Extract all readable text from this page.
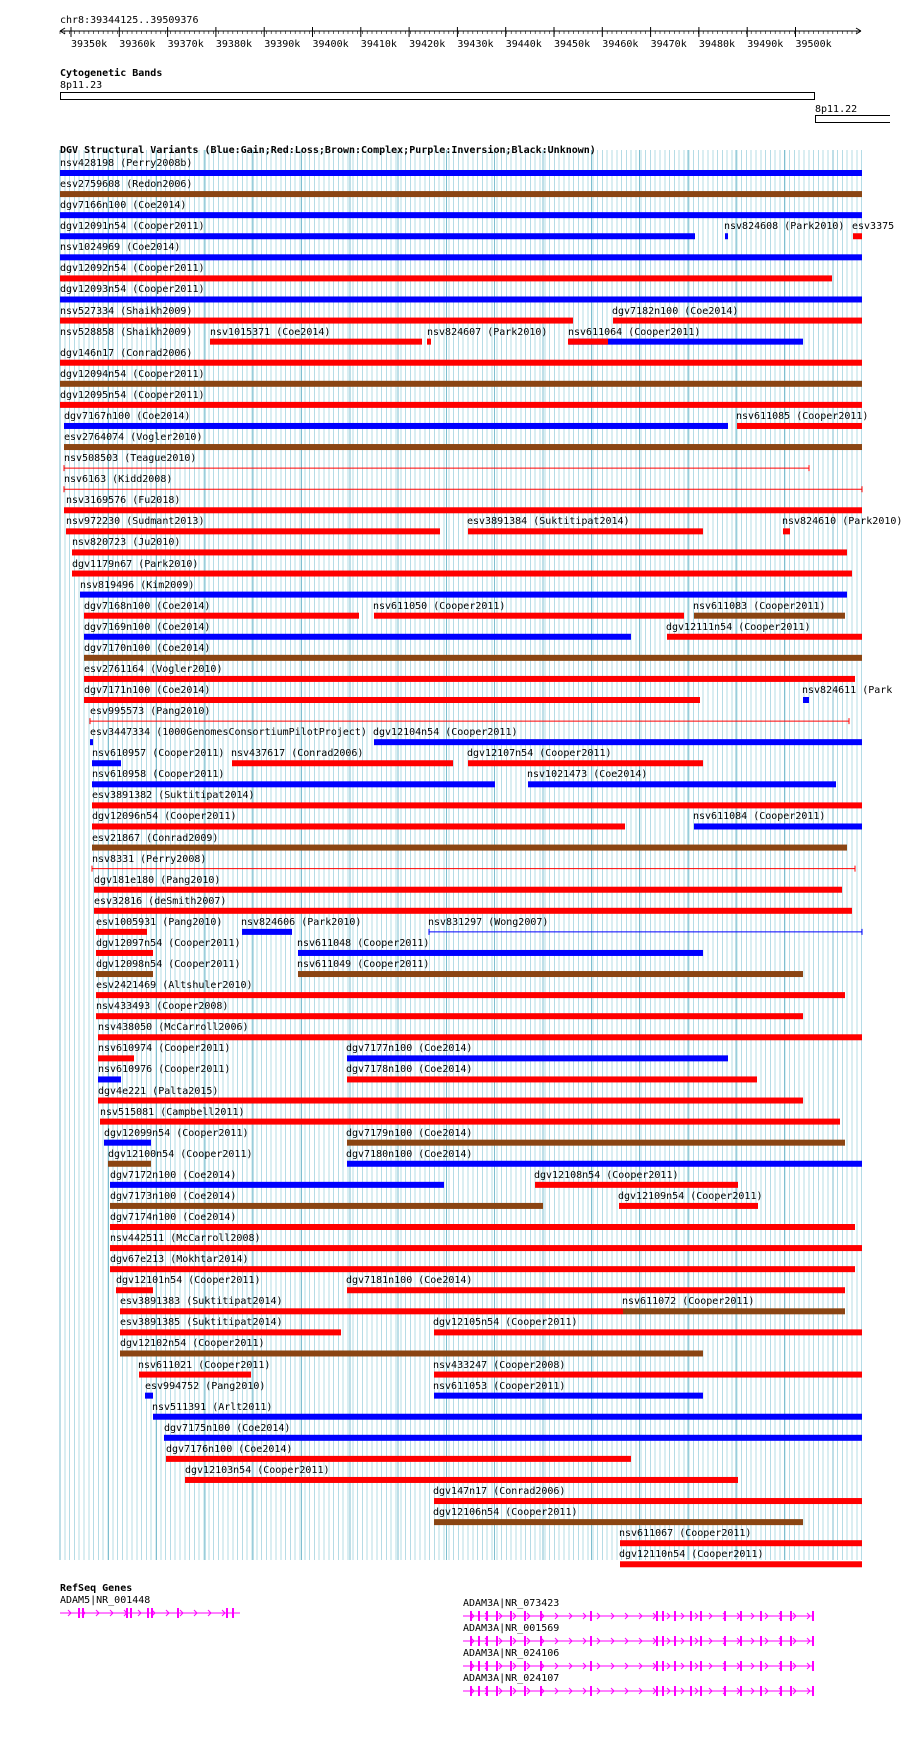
chr8:39344125..39509376
39350k 39360k 39370k 39380k 39390k 39400k 39410k 39420k 39430k 39440k 39450k 39460k 39470k 39480k 39490k 39500k
Cytogenetic Bands
8p11.23
8p11.22
DGV Structural Variants (Blue:Gain;Red:Loss;Brown:Complex;Purple:Inversion;Black:Unknown)
nsv428198 (Perry2008b)
esv2759608 (Redon2006)
dgv7166n100 (Coe2014)
dgv12091n54 (Cooper2011)	nsv824608 (Park2010) esv3375
nsv1024969 (Coe2014)
dgv12092n54 (Cooper2011)
dgv12093n54 (Cooper2011)
nsv527334 (Shaikh2009)	dgv7182n100 (Coe2014)
nsv528858 (Shaikh2009) nsv1015371 (Coe2014)	nsv824607 (Park2010) nsv611064 (Cooper2011)
dgv146n17 (Conrad2006)
dgv12094n54 (Cooper2011)
dgv12095n54 (Cooper2011)
dgv7167n100 (Coe2014)	nsv611085 (Cooper2011)
esv2764074 (Vogler2010)
nsv508503 (Teague2010)
nsv6163 (Kidd2008)
nsv3169576 (Fu2018)
nsv972230 (Sudmant2013)	esv3891384 (Suktitipat2014)	nsv824610 (Park2010)
nsv820723 (Ju2010)
dgv1179n67 (Park2010)
nsv819496 (Kim2009)
dgv7168n100 (Coe2014)	nsv611050 (Cooper2011)	nsv611083 (Cooper2011)
dgv7169n100 (Coe2014)	dgv12111n54 (Cooper2011)
dgv7170n100 (Coe2014)
esv2761164 (Vogler2010)
dgv7171n100 (Coe2014)	nsv824611 (Park
esv995573 (Pang2010)
esv3447334 (1000GenomesConsortiumPilotProject) dgv12104n54 (Cooper2011)
nsv610957 (Cooper2011) nsv437617 (Conrad2006)	dgv12107n54 (Cooper2011)
nsv610958 (Cooper2011)	nsv1021473 (Coe2014)
esv3891382 (Suktitipat2014)
dgv12096n54 (Cooper2011)	nsv611084 (Cooper2011)
esv21867 (Conrad2009)
nsv8331 (Perry2008)
dgv181e180 (Pang2010)
esv32816 (deSmith2007)
esv1005931 (Pang2010) nsv824606 (Park2010)	nsv831297 (Wong2007)
dgv12097n54 (Cooper2011)	nsv611048 (Cooper2011)
dgv12098n54 (Cooper2011)	nsv611049 (Cooper2011)
esv2421469 (Altshuler2010)
nsv433493 (Cooper2008)
nsv438050 (McCarroll2006)
nsv610974 (Cooper2011)	dgv7177n100 (Coe2014)
nsv610976 (Cooper2011)	dgv7178n100 (Coe2014)
dgv4e221 (Palta2015)
nsv515081 (Campbell2011)
dgv12099n54 (Cooper2011)	dgv7179n100 (Coe2014)
dgv12100n54 (Cooper2011)	dgv7180n100 (Coe2014)
dgv7172n100 (Coe2014)	dgv12108n54 (Cooper2011)
dgv7173n100 (Coe2014)	dgv12109n54 (Cooper2011)
dgv7174n100 (Coe2014)
nsv442511 (McCarroll2008)
dgv67e213 (Mokhtar2014)
dgv12101n54 (Cooper2011)	dgv7181n100 (Coe2014)
esv3891383 (Suktitipat2014)	nsv611072 (Cooper2011)
esv3891385 (Suktitipat2014)	dgv12105n54 (Cooper2011)
dgv12102n54 (Cooper2011)
nsv611021 (Cooper2011)	nsv433247 (Cooper2008)
esv994752 (Pang2010)	nsv611053 (Cooper2011)
nsv511391 (Arlt2011)
dgv7175n100 (Coe2014)
dgv7176n100 (Coe2014)
dgv12103n54 (Cooper2011)
dgv147n17 (Conrad2006)
dgv12106n54 (Cooper2011)
nsv611067 (Cooper2011)
dgv12110n54 (Cooper2011)
RefSeq Genes
ADAM5|NR_001448	ADAM3A|NR_073423
ADAM3A|NR_001569
ADAM3A|NR_024106
ADAM3A|NR_024107
